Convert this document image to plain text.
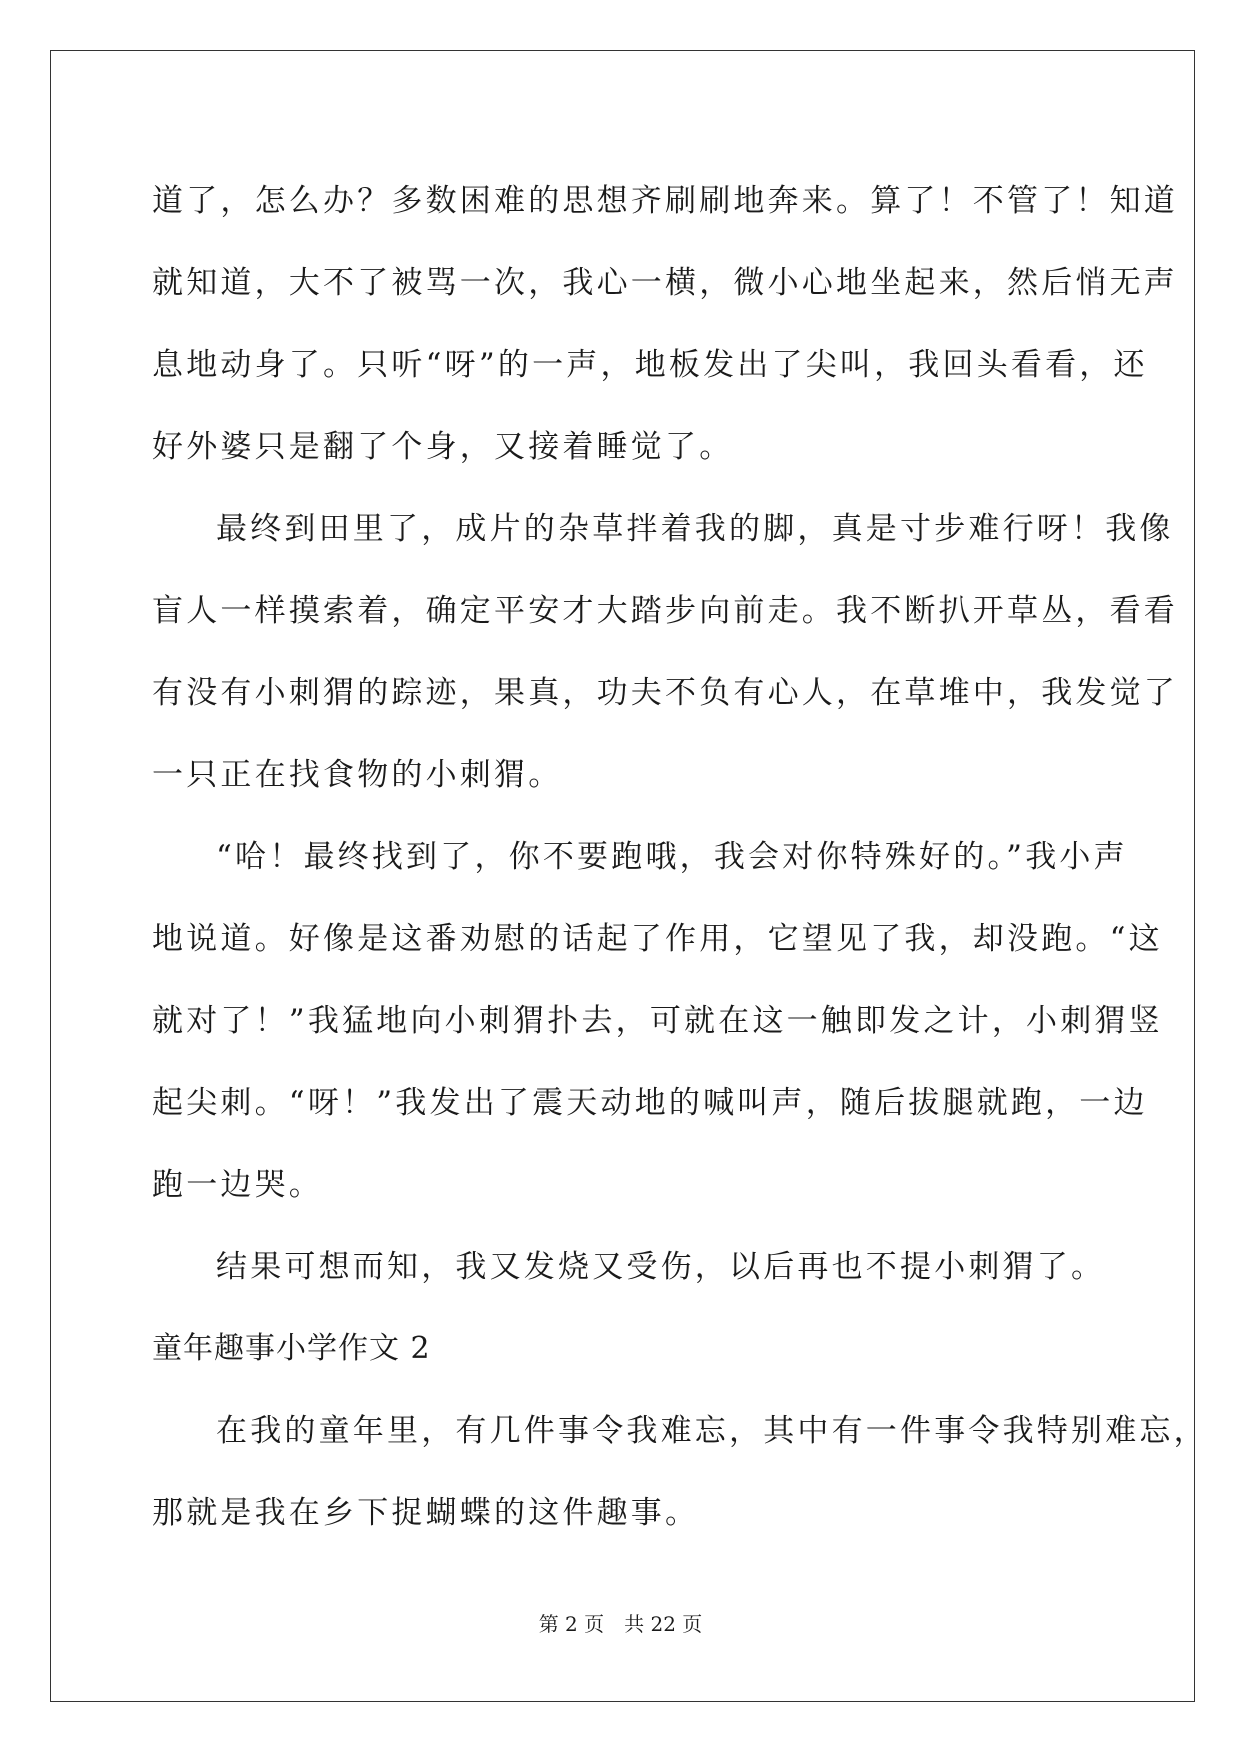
道了，怎么办？多数困难的思想齐刷刷地奔来。算了！不管了！知道
就知道，大不了被骂一次，我心一横，微小心地坐起来，然后悄无声
息地动身了。只听“呀”的一声，地板发出了尖叫，我回头看看，还
好外婆只是翻了个身，又接着睡觉了。
最终到田里了，成片的杂草拌着我的脚，真是寸步难行呀！我像
盲人一样摸索着，确定平安才大踏步向前走。我不断扒开草丛，看看
有没有小刺猬的踪迹，果真，功夫不负有心人，在草堆中，我发觉了
一只正在找食物的小刺猬。
“哈！最终找到了，你不要跑哦，我会对你特殊好的。”我小声
地说道。好像是这番劝慰的话起了作用，它望见了我，却没跑。“这
就对了！”我猛地向小刺猬扑去，可就在这一触即发之计，小刺猬竖
起尖刺。“呀！”我发出了震天动地的喊叫声，随后拔腿就跑，一边
跑一边哭。
结果可想而知，我又发烧又受伤，以后再也不提小刺猬了。
童年趣事小学作文 2
在我的童年里，有几件事令我难忘，其中有一件事令我特别难忘，
那就是我在乡下捉蝴蝶的这件趣事。
第 2 页 共 22 页
